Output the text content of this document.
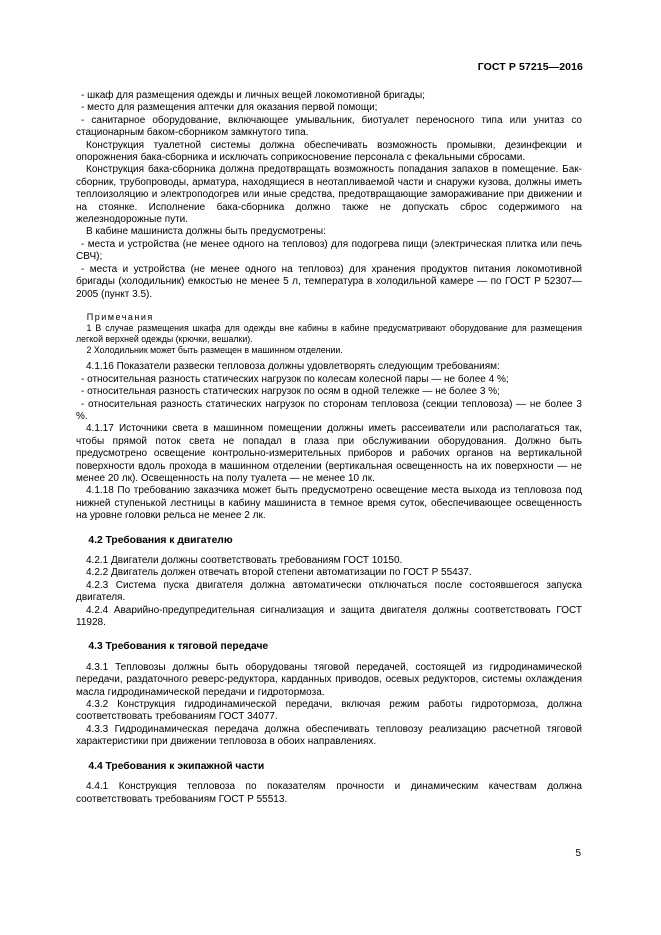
ГОСТ Р 57215—2016

- шкаф для размещения одежды и личных вещей локомотивной бригады;

- место для размещения аптечки для оказания первой помощи;

- санитарное оборудование, включающее умывальник, биотуалет переносного типа или унитаз со стационарным баком-сборником замкнутого типа.

Конструкция туалетной системы должна обеспечивать возможность промывки, дезинфекции и опорожнения бака-сборника и исключать соприкосновение персонала с фекальными сбросами.

Конструкция бака-сборника должна предотвращать возможность попадания запахов в помещение. Бак-сборник, трубопроводы, арматура, находящиеся в неотапливаемой части и снаружи кузова, должны иметь теплоизоляцию и электроподогрев или иные средства, предотвращающие замораживание при движении и на стоянке. Исполнение бака-сборника должно также не допускать сброс содержимого на железнодорожные пути.

В кабине машиниста должны быть предусмотрены:

- места и устройства (не менее одного на тепловоз) для подогрева пищи (электрическая плитка или печь СВЧ);

- места и устройства (не менее одного на тепловоз) для хранения продуктов питания локомотивной бригады (холодильник) емкостью не менее 5 л, температура в холодильной камере — по ГОСТ Р 52307—2005 (пункт 3.5).

Примечания

1 В случае размещения шкафа для одежды вне кабины в кабине предусматривают оборудование для размещения легкой верхней одежды (крючки, вешалки).

2 Холодильник может быть размещен в машинном отделении.

4.1.16 Показатели развески тепловоза должны удовлетворять следующим требованиям:

- относительная разность статических нагрузок по колесам колесной пары — не более 4 %;

- относительная разность статических нагрузок по осям в одной тележке — не более 3 %;

- относительная разность статических нагрузок по сторонам тепловоза (секции тепловоза) — не более 3 %.

4.1.17 Источники света в машинном помещении должны иметь рассеиватели или располагаться так, чтобы прямой поток света не попадал в глаза при обслуживании оборудования. Должно быть предусмотрено освещение контрольно-измерительных приборов и рабочих органов на вертикальной поверхности вдоль прохода в машинном отделении (вертикальная освещенность на их поверхности — не менее 20 лк). Освещенность на полу туалета — не менее 10 лк.

4.1.18 По требованию заказчика может быть предусмотрено освещение места выхода из тепловоза под нижней ступенькой лестницы в кабину машиниста в темное время суток, обеспечивающее освещенность на уровне головки рельса не менее 2 лк.

4.2 Требования к двигателю

4.2.1 Двигатели должны соответствовать требованиям ГОСТ 10150.

4.2.2 Двигатель должен отвечать второй степени автоматизации по ГОСТ Р 55437.

4.2.3 Система пуска двигателя должна автоматически отключаться после состоявшегося запуска двигателя.

4.2.4 Аварийно-предупредительная сигнализация и защита двигателя должны соответствовать ГОСТ 11928.

4.3 Требования к тяговой передаче

4.3.1 Тепловозы должны быть оборудованы тяговой передачей, состоящей из гидродинамической передачи, раздаточного реверс-редуктора, карданных приводов, осевых редукторов, системы охлаждения масла гидродинамической передачи и гидротормоза.

4.3.2 Конструкция гидродинамической передачи, включая режим работы гидротормоза, должна соответствовать требованиям ГОСТ 34077.

4.3.3 Гидродинамическая передача должна обеспечивать тепловозу реализацию расчетной тяговой характеристики при движении тепловоза в обоих направлениях.

4.4 Требования к экипажной части

4.4.1 Конструкция тепловоза по показателям прочности и динамическим качествам должна соответствовать требованиям ГОСТ Р 55513.

5
